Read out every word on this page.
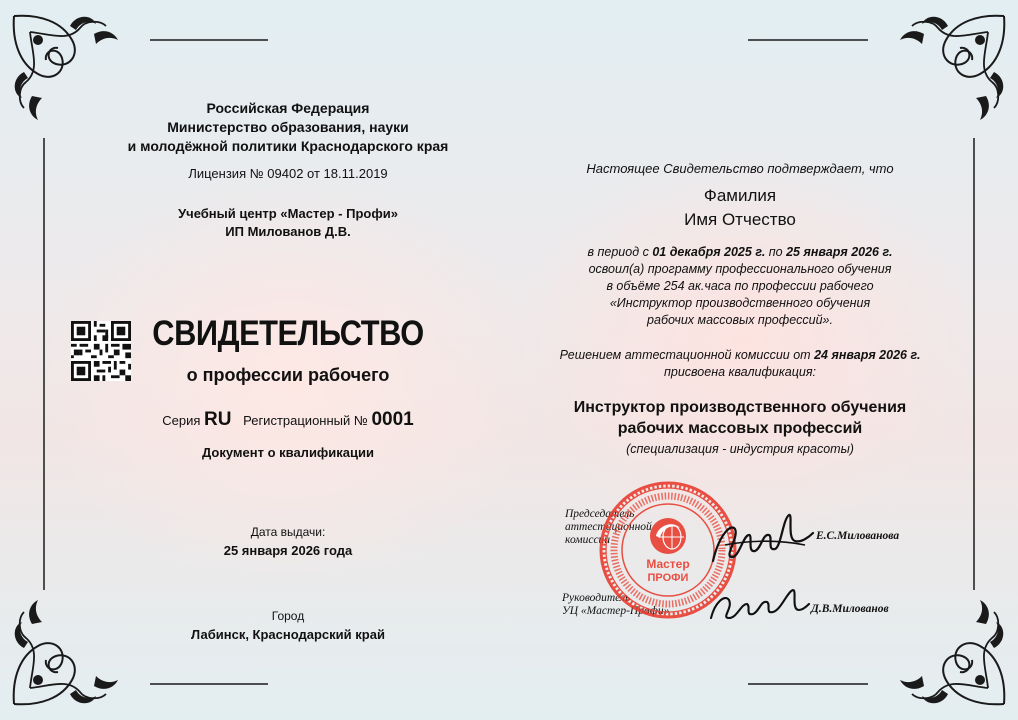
Российская Федерация
Министерство образования, науки
и молодёжной политики Краснодарского края
Лицензия № 09402 от 18.11.2019
Учебный центр «Мастер - Профи»
ИП Милованов Д.В.
СВИДЕТЕЛЬСТВО
о профессии рабочего
Серия RU Регистрационный № 0001
Документ о квалификации
Дата выдачи:
25 января 2026 года
Город
Лабинск, Краснодарский край
Настоящее Свидетельство подтверждает, что
Фамилия
Имя Отчество
в период с 01 декабря 2025 г. по 25 января 2026 г.
освоил(а) программу профессионального обучения
в объёме 254 ак.часа по профессии рабочего
«Инструктор производственного обучения
рабочих массовых профессий».
Решением аттестационной комиссии от 24 января 2026 г.
присвоена квалификация:
Инструктор производственного обучения
рабочих массовых профессий
(специализация - индустрия красоты)
Председатель
аттестационной
комиссии	Е.С.Милованова
Руководитель
УЦ «Мастер-Профи»	Д.В.Милованов
Мастер
ПРОФИ
